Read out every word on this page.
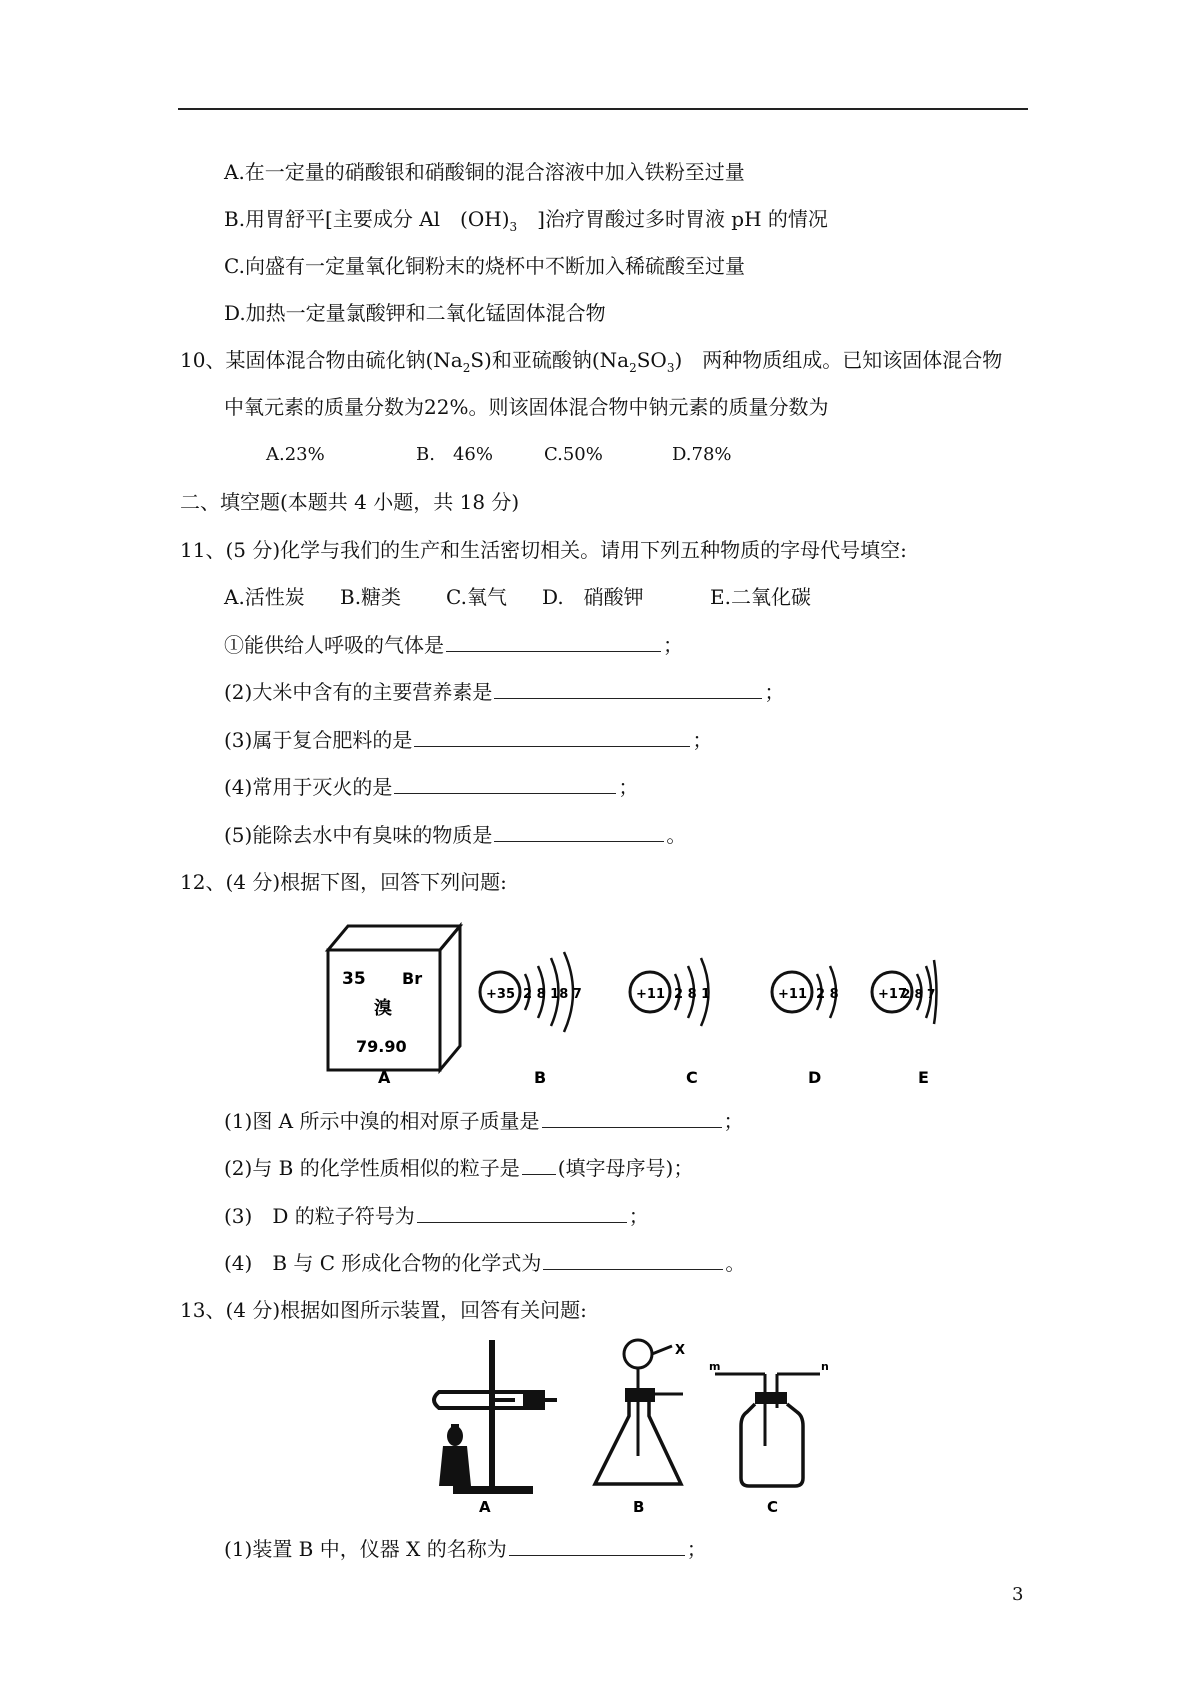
A.在一定量的硝酸银和硝酸铜的混合溶液中加入铁粉至过量
B.用胃舒平[主要成分 Al　$(OH)_3$　 ]治疗胃酸过多时胃液 pH 的情况
C.向盛有一定量氧化铜粉末的烧杯中不断加入稀硫酸至过量
D.加热一定量氯酸钾和二氧化锰固体混合物
10、某固体混合物由硫化钠$(Na_2S)$和亚硫酸钠$(Na_2SO_3)$　两种物质组成。已知该固体混合物
中氧元素的质量分数为22%。则该固体混合物中钠元素的质量分数为
A.23%	B.　46%	C.50%	D.78%
二、填空题(本题共 4 小题，共 18 分)
11、(5 分)化学与我们的生产和生活密切相关。请用下列五种物质的字母代号填空:
A.活性炭 B.糖类 C.氧气 D.　硝酸钾	E.二氧化碳
①能供给人呼吸的气体是	；
(2)大米中含有的主要营养素是	；
(3)属于复合肥料的是	；
(4)常用于灭火的是	；
(5)能除去水中有臭味的物质是	。
12、(4 分)根据下图，回答下列问题:
35 Br
溴
79.90
A
+35 2 8 18 7
B
+11 2 8 1
C
+11 2 8
D
+17
2 8 7
E
(1)图 A 所示中溴的相对原子质量是	；
(2)与 B 的化学性质相似的粒子是 (填字母序号)；
(3)　D 的粒子符号为	；
(4)　B 与 C 形成化合物的化学式为	。
13、(4 分)根据如图所示装置，回答有关问题:
A
X
B
m	n
C
(1)装置 B 中，仪器 X 的名称为	；
3
